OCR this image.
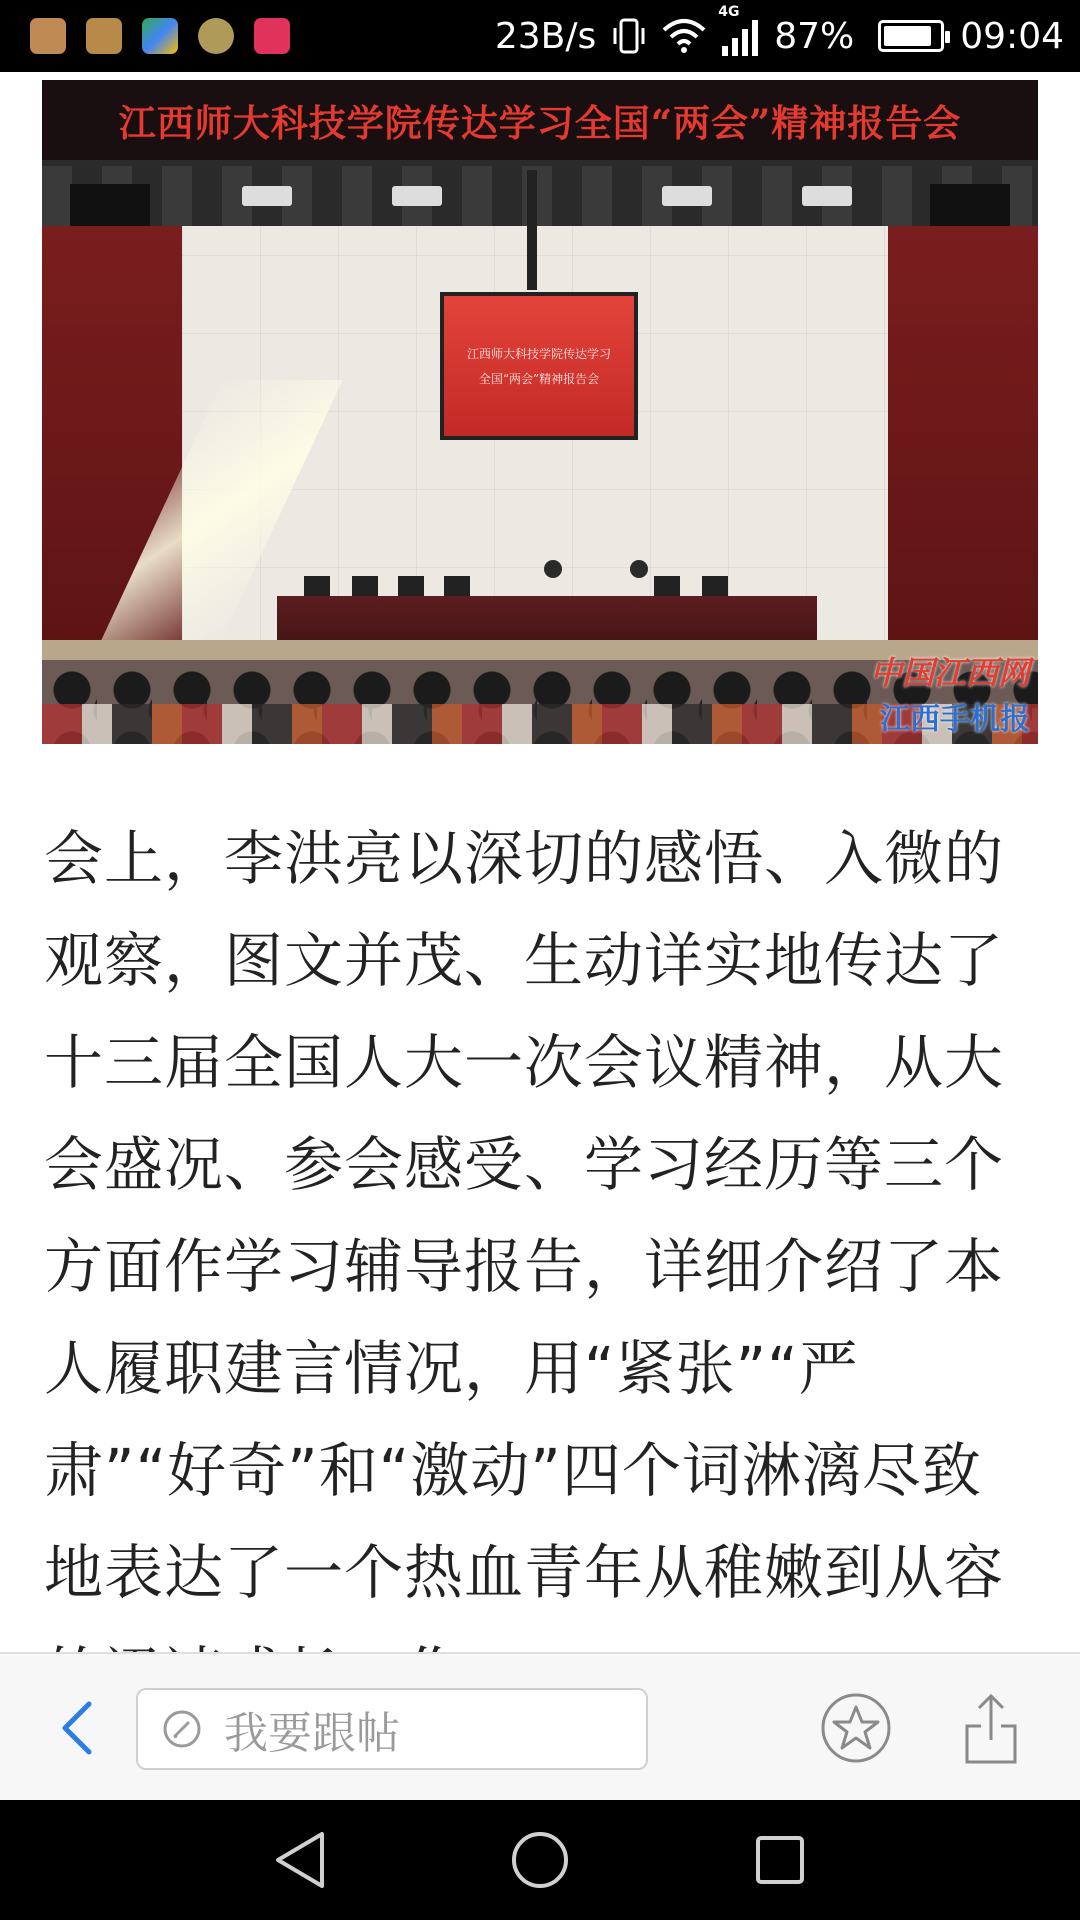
23B/s
4G
87%	09:04
江西师大科技学院传达学习全国“两会”精神报告会
江西师大科技学院传达学习
全国“两会”精神报告会
中国江西网
江西手机报

会上，李洪亮以深切的感悟、入微的观察，图文并茂、生动详实地传达了十三届全国人大一次会议精神，从大会盛况、参会感受、学习经历等三个方面作学习辅导报告，详细介绍了本人履职建言情况，用“紧张”“严肃”“好奇”和“激动”四个词淋漓尽致地表达了一个热血青年从稚嫩到从容

我要跟帖
